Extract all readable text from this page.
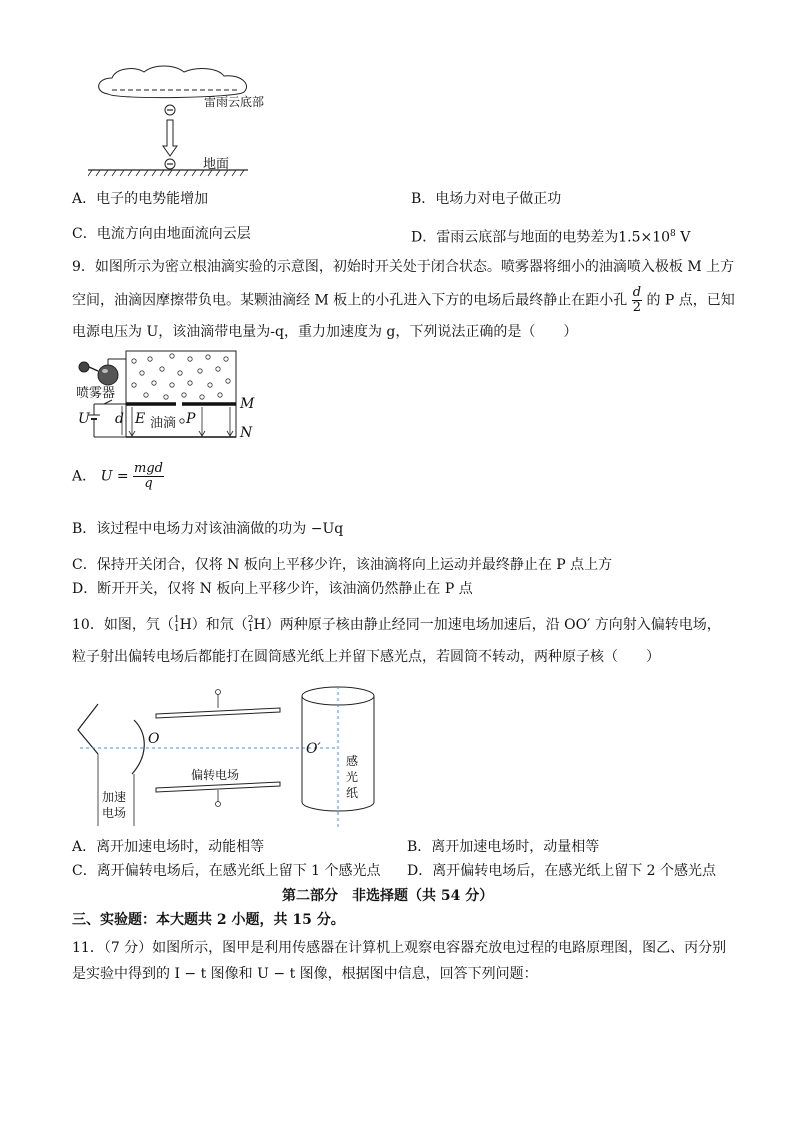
雷雨云底部
地面
A．电子的电势能增加	B．电场力对电子做正功
C．电流方向由地面流向云层	D．雷雨云底部与地面的电势差为$1.5\times 10^8$ V
9．如图所示为密立根油滴实验的示意图，初始时开关处于闭合状态。喷雾器将细小的油滴喷入极板 M 上方
空间，油滴因摩擦带负电。某颗油滴经 M 板上的小孔进入下方的电场后最终静止在距小孔 $\frac{d}{2}$ 的 P 点，已知
电源电压为 U，该油滴带电量为-q，重力加速度为 g，下列说法正确的是（　　）
喷雾器
U d E 油滴 P
M
N
A． $U = \frac{\text{mgd}}{q}$
B．该过程中电场力对该油滴做的功为 −Uq
C．保持开关闭合，仅将 N 板向上平移少许，该油滴将向上运动并最终静止在 P 点上方
D．断开开关，仅将 N 板向上平移少许，该油滴仍然静止在 P 点
10．如图，氕（ 1
1 H）和氘（ 2
1 H）两种原子核由静止经同一加速电场加速后，沿 OO′ 方向射入偏转电场，
粒子射出偏转电场后都能打在圆筒感光纸上并留下感光点，若圆筒不转动，两种原子核（　　）
O
O′
偏转电场
加速
电场
感
光
纸
A．离开加速电场时，动能相等	B．离开加速电场时，动量相等
C．离开偏转电场后，在感光纸上留下 1 个感光点 D．离开偏转电场后，在感光纸上留下 2 个感光点
第二部分　非选择题（共 54 分）
三、实验题：本大题共 2 小题，共 15 分。
11．（7 分）如图所示，图甲是利用传感器在计算机上观察电容器充放电过程的电路原理图，图乙、丙分别
是实验中得到的 I − t 图像和 U − t 图像，根据图中信息，回答下列问题：
